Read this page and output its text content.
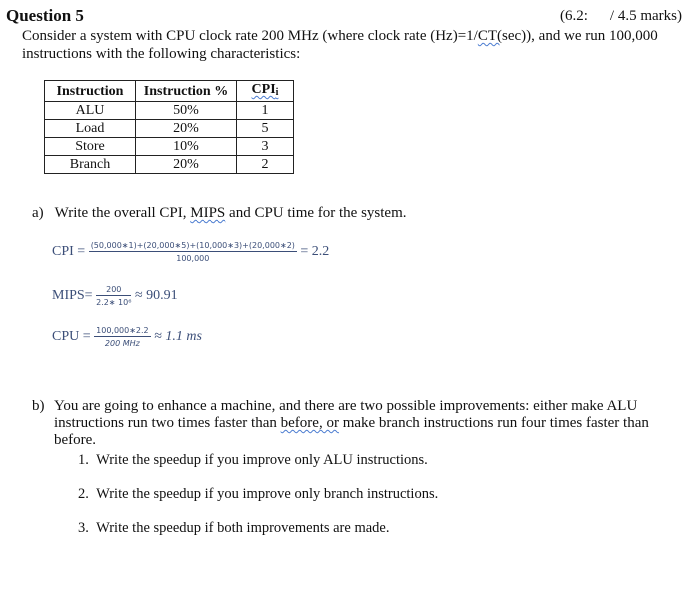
Question 5	(6.2: / 4.5 marks)
Consider a system with CPU clock rate 200 MHz (where clock rate (Hz)=1/CT(sec)), and we run 100,000 instructions with the following characteristics:
Instruction	Instruction %	$CPI_i$
ALU	50%	1
Load	20%	5
Store	10%	3
Branch	20%	2
a) Write the overall CPI, MIPS and CPU time for the system.
CPI = $\frac{(50,000∗1)+(20,000∗5)+(10,000∗3)+(20,000∗2)}{100,000} = 2.2$
MIPS= $\frac{200}{\text{2.2∗ 10⁶}} \approx 90.91$
CPU = $\frac{100,000∗2.2}{\text{200 MHz}} \approx 1.1$ ms
b) You are going to enhance a machine, and there are two possible improvements: either make ALU instructions run two times faster than before, or make branch instructions run four times faster than before.
1. Write the speedup if you improve only ALU instructions.
2. Write the speedup if you improve only branch instructions.
3. Write the speedup if both improvements are made.
